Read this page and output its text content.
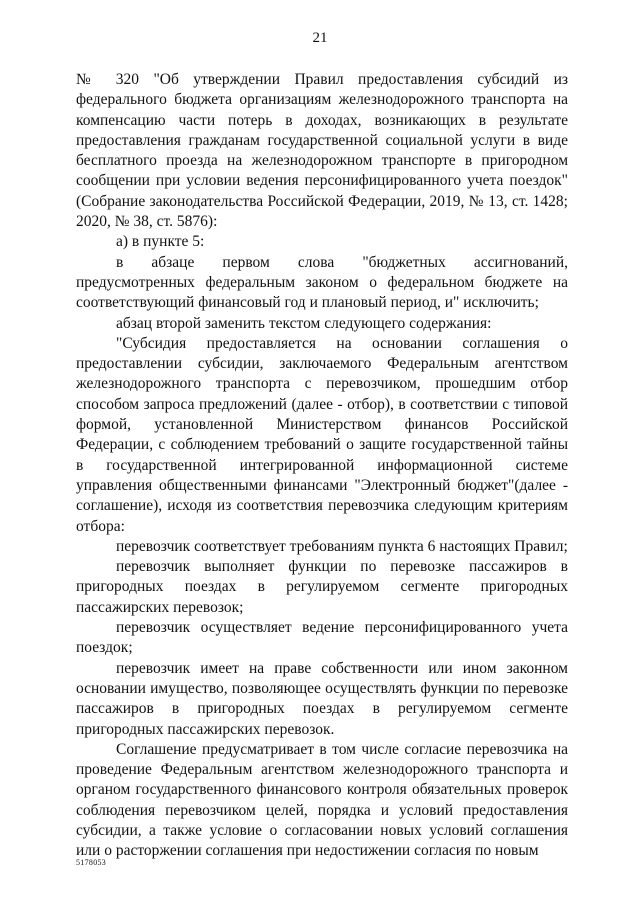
21

№ 320 "Об утверждении Правил предоставления субсидий из федерального бюджета организациям железнодорожного транспорта на компенсацию части потерь в доходах, возникающих в результате предоставления гражданам государственной социальной услуги в виде бесплатного проезда на железнодорожном транспорте в пригородном сообщении при условии ведения персонифицированного учета поездок" (Собрание законодательства Российской Федерации, 2019, № 13, ст. 1428; 2020, № 38, ст. 5876):

а) в пункте 5:

в абзаце первом слова "бюджетных ассигнований, предусмотренных федеральным законом о федеральном бюджете на соответствующий финансовый год и плановый период, и" исключить;

абзац второй заменить текстом следующего содержания:

"Субсидия предоставляется на основании соглашения о предоставлении субсидии, заключаемого Федеральным агентством железнодорожного транспорта с перевозчиком, прошедшим отбор способом запроса предложений (далее - отбор), в соответствии с типовой формой, установленной Министерством финансов Российской Федерации, с соблюдением требований о защите государственной тайны в государственной интегрированной информационной системе управления общественными финансами "Электронный бюджет"(далее - соглашение), исходя из соответствия перевозчика следующим критериям отбора:

перевозчик соответствует требованиям пункта 6 настоящих Правил;

перевозчик выполняет функции по перевозке пассажиров в пригородных поездах в регулируемом сегменте пригородных пассажирских перевозок;

перевозчик осуществляет ведение персонифицированного учета поездок;

перевозчик имеет на праве собственности или ином законном основании имущество, позволяющее осуществлять функции по перевозке пассажиров в пригородных поездах в регулируемом сегменте пригородных пассажирских перевозок.

Соглашение предусматривает в том числе согласие перевозчика на проведение Федеральным агентством железнодорожного транспорта и органом государственного финансового контроля обязательных проверок соблюдения перевозчиком целей, порядка и условий предоставления субсидии, а также условие о согласовании новых условий соглашения или о расторжении соглашения при недостижении согласия по новым

5178053
